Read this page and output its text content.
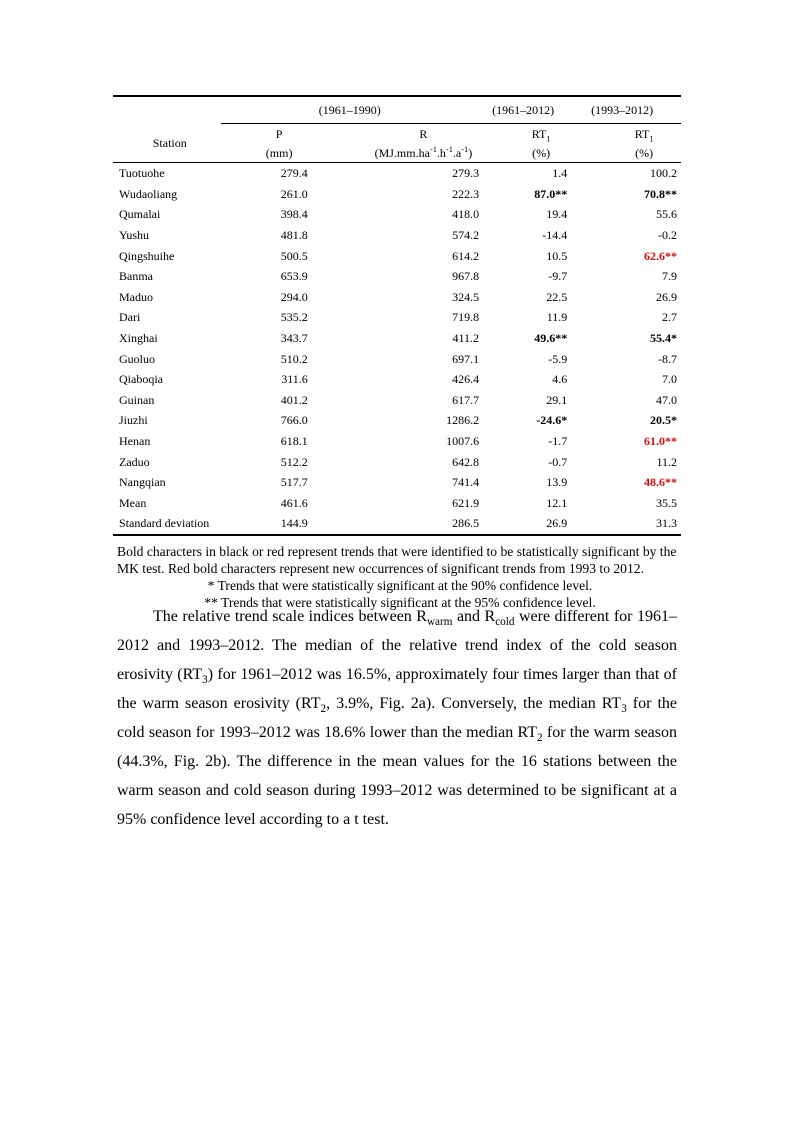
	(1961–1990)		(1961–2012)	(1993–2012)
Station	P	R	$RT_1$	$RT_1$
	(mm)	$(MJ.mm.ha^{-1}.h^{-1}.a^{-1})$	(%)	(%)
Tuotuohe	279.4	279.3	1.4	100.2
Wudaoliang	261.0	222.3	87.0**	70.8**
Qumalai	398.4	418.0	19.4	55.6
Yushu	481.8	574.2	-14.4	-0.2
Qingshuihe	500.5	614.2	10.5	62.6**
Banma	653.9	967.8	-9.7	7.9
Maduo	294.0	324.5	22.5	26.9
Dari	535.2	719.8	11.9	2.7
Xinghai	343.7	411.2	49.6**	55.4*
Guoluo	510.2	697.1	-5.9	-8.7
Qiaboqia	311.6	426.4	4.6	7.0
Guinan	401.2	617.7	29.1	47.0
Jiuzhi	766.0	1286.2	-24.6*	20.5*
Henan	618.1	1007.6	-1.7	61.0**
Zaduo	512.2	642.8	-0.7	11.2
Nangqian	517.7	741.4	13.9	48.6**
Mean	461.6	621.9	12.1	35.5
Standard deviation	144.9	286.5	26.9	31.3
Bold characters in black or red represent trends that were identified to be statistically significant by the MK test. Red bold characters represent new occurrences of significant trends from 1993 to 2012.
* Trends that were statistically significant at the 90% confidence level.
** Trends that were statistically significant at the 95% confidence level.
The relative trend scale indices between $R_{warm}$ and $R_{cold}$ were different for 1961–2012 and 1993–2012. The median of the relative trend index of the cold season erosivity $(RT_3)$ for 1961–2012 was 16.5%, approximately four times larger than that of the warm season erosivity ($RT_2$, 3.9%, Fig. 2a). Conversely, the median $RT_3$ for the cold season for 1993–2012 was 18.6% lower than the median $RT_2$ for the warm season (44.3%, Fig. 2b). The difference in the mean values for the 16 stations between the warm season and cold season during 1993–2012 was determined to be significant at a 95% confidence level according to a t test.
